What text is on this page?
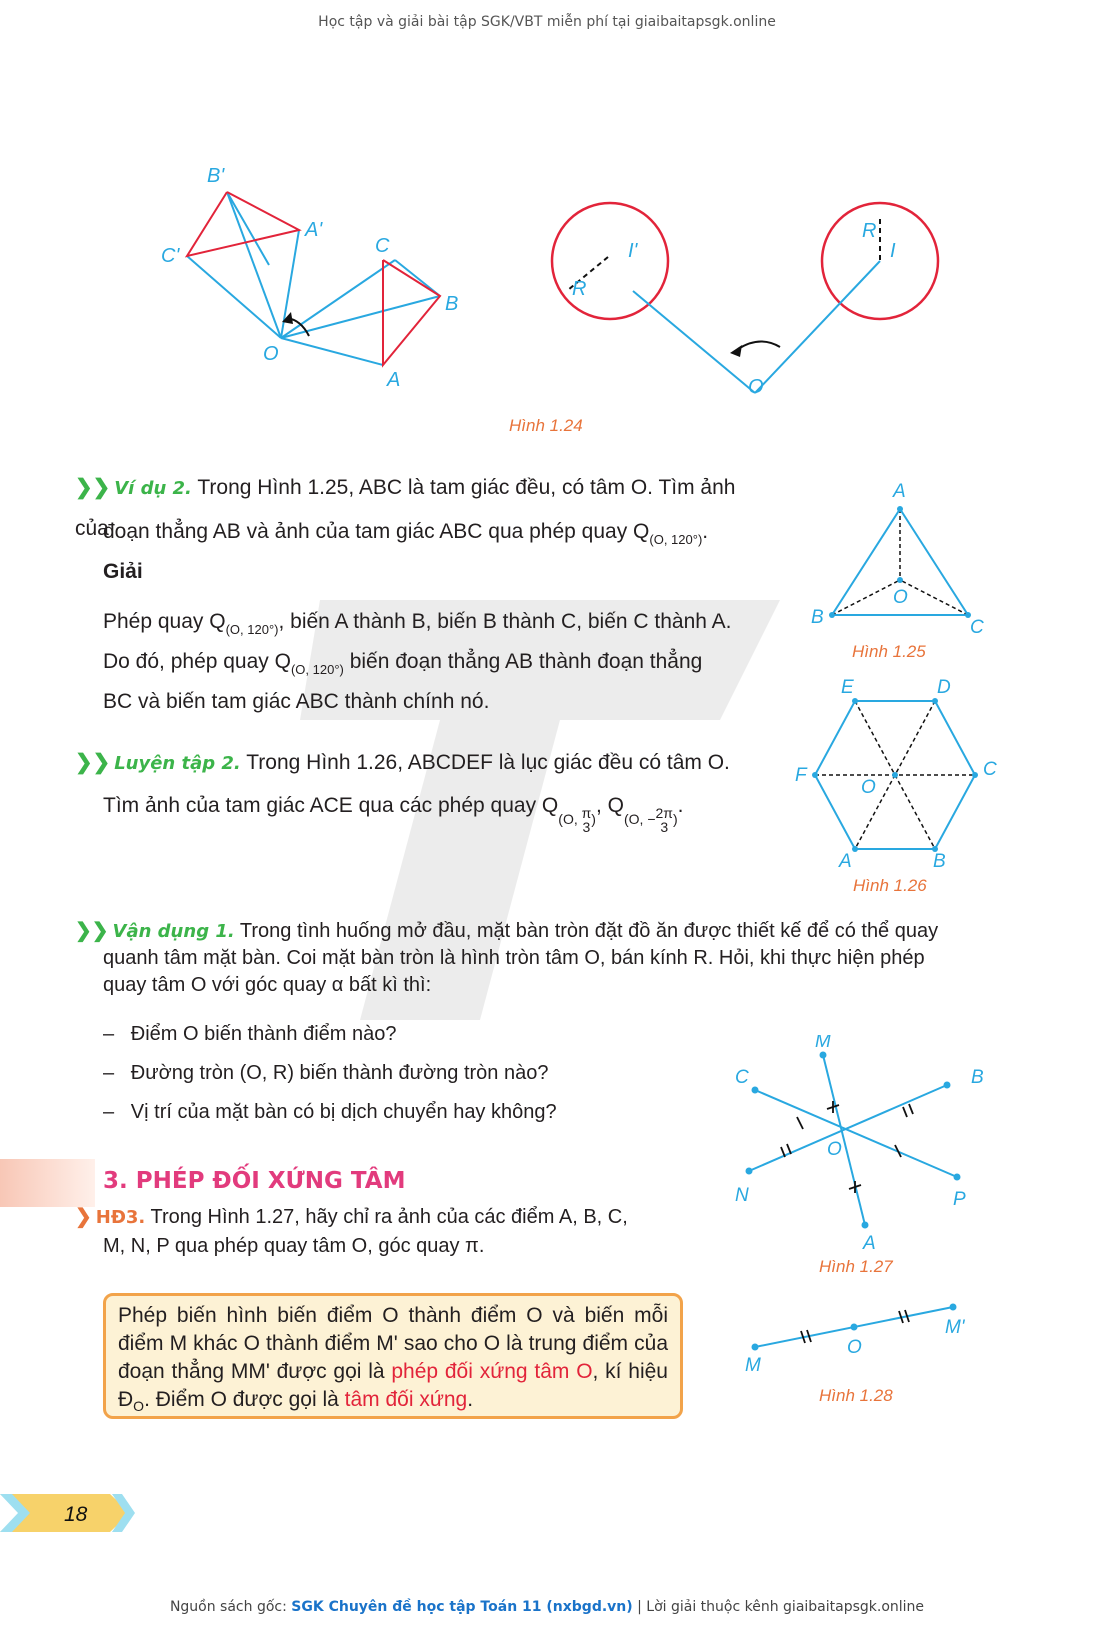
Học tập và giải bài tập SGK/VBT miễn phí tại giaibaitapsgk.online
B'
A'
C'	C
B
O
A
I'
R
R
I
O
Hình 1.24
❯❯ Ví dụ 2. Trong Hình 1.25, ABC là tam giác đều, có tâm O. Tìm ảnh của
đoạn thẳng AB và ảnh của tam giác ABC qua phép quay $Q_{(O, 120^\circ)}$.
Giải
Phép quay $Q_{(O, 120^\circ)}$, biến A thành B, biến B thành C, biến C thành A.
Do đó, phép quay $Q_{(O, 120^\circ)}$ biến đoạn thẳng AB thành đoạn thẳng
BC và biến tam giác ABC thành chính nó.
A
B	C
O
Hình 1.25
❯❯ Luyện tập 2. Trong Hình 1.26, ABCDEF là lục giác đều có tâm O.
Tìm ảnh của tam giác ACE qua các phép quay $Q_{(O, \pi 3)}$, $Q_{(O, -2\pi 3)}$.
E	D
F	C
O
A	B
Hình 1.26
❯❯ Vận dụng 1. Trong tình huống mở đầu, mặt bàn tròn đặt đồ ăn được thiết kế để có thể quay
quanh tâm mặt bàn. Coi mặt bàn tròn là hình tròn tâm O, bán kính R. Hỏi, khi thực hiện phép
quay tâm O với góc quay α bất kì thì:
–   Điểm O biến thành điểm nào?
–   Đường tròn (O, R) biến thành đường tròn nào?
–   Vị trí của mặt bàn có bị dịch chuyển hay không?
3. PHÉP ĐỐI XỨNG TÂM
❯ HĐ3. Trong Hình 1.27, hãy chỉ ra ảnh của các điểm A, B, C,
M, N, P qua phép quay tâm O, góc quay π.
Phép biến hình biến điểm O thành điểm O và biến mỗi điểm M khác O thành điểm M' sao cho O là trung điểm của đoạn thẳng MM' được gọi là phép đối xứng tâm O, kí hiệu $Đ_O$. Điểm O được gọi là tâm đối xứng.
M
C	B
O
N	P
A
Hình 1.27
M
O
M'
Hình 1.28
18
Nguồn sách gốc: SGK Chuyên đề học tập Toán 11 (nxbgd.vn) | Lời giải thuộc kênh giaibaitapsgk.online
